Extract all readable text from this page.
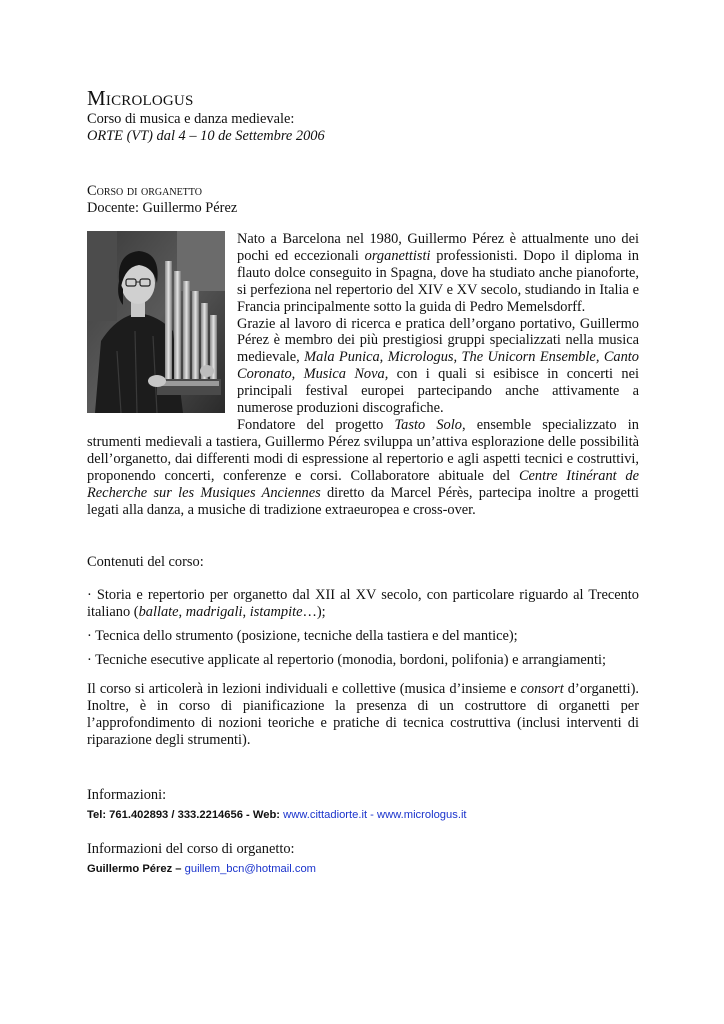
Micrologus

Corso di musica e danza medievale:

ORTE (VT) dal 4 – 10 de Settembre 2006

Corso di organetto

Docente: Guillermo Pérez

Nato a Barcelona nel 1980, Guillermo Pérez è attualmente uno dei pochi ed eccezionali organettisti professionisti. Dopo il diploma in flauto dolce conseguito in Spagna, dove ha studiato anche pianoforte, si perfeziona nel repertorio del XIV e XV secolo, studiando in Italia e Francia principalmente sotto la guida di Pedro Memelsdorff.

Grazie al lavoro di ricerca e pratica dell’organo portativo, Guillermo Pérez è membro dei più prestigiosi gruppi specializzati nella musica medievale, Mala Punica, Micrologus, The Unicorn Ensemble, Canto Coronato, Musica Nova, con i quali si esibisce in concerti nei principali festival europei partecipando anche attivamente a numerose produzioni discografiche.

Fondatore del progetto Tasto Solo, ensemble specializzato in strumenti medievali a tastiera, Guillermo Pérez sviluppa un’attiva esplorazione delle possibilità dell’organetto, dai differenti modi di espressione al repertorio e agli aspetti tecnici e costruttivi, proponendo concerti, conferenze e corsi. Collaboratore abituale del Centre Itinérant de Recherche sur les Musiques Anciennes diretto da Marcel Pérès, partecipa inoltre a progetti legati alla danza, a musiche di tradizione extraeuropea e cross-over.

Contenuti del corso:

· Storia e repertorio per organetto dal XII al XV secolo, con particolare riguardo al Trecento italiano (ballate, madrigali, istampite…);
· Tecnica dello strumento (posizione, tecniche della tastiera e del mantice);
· Tecniche esecutive applicate al repertorio (monodia, bordoni, polifonia) e arrangiamenti;

Il corso si articolerà in lezioni individuali e collettive (musica d’insieme e consort d’organetti). Inoltre, è in corso di pianificazione la presenza di un costruttore di organetti per l’approfondimento di nozioni teoriche e pratiche di tecnica costruttiva (inclusi interventi di riparazione degli strumenti).

Informazioni:

Tel: 761.402893 / 333.2214656 - Web: www.cittadiorte.it - www.micrologus.it

Informazioni del corso di organetto:

Guillermo Pérez – guillem_bcn@hotmail.com
